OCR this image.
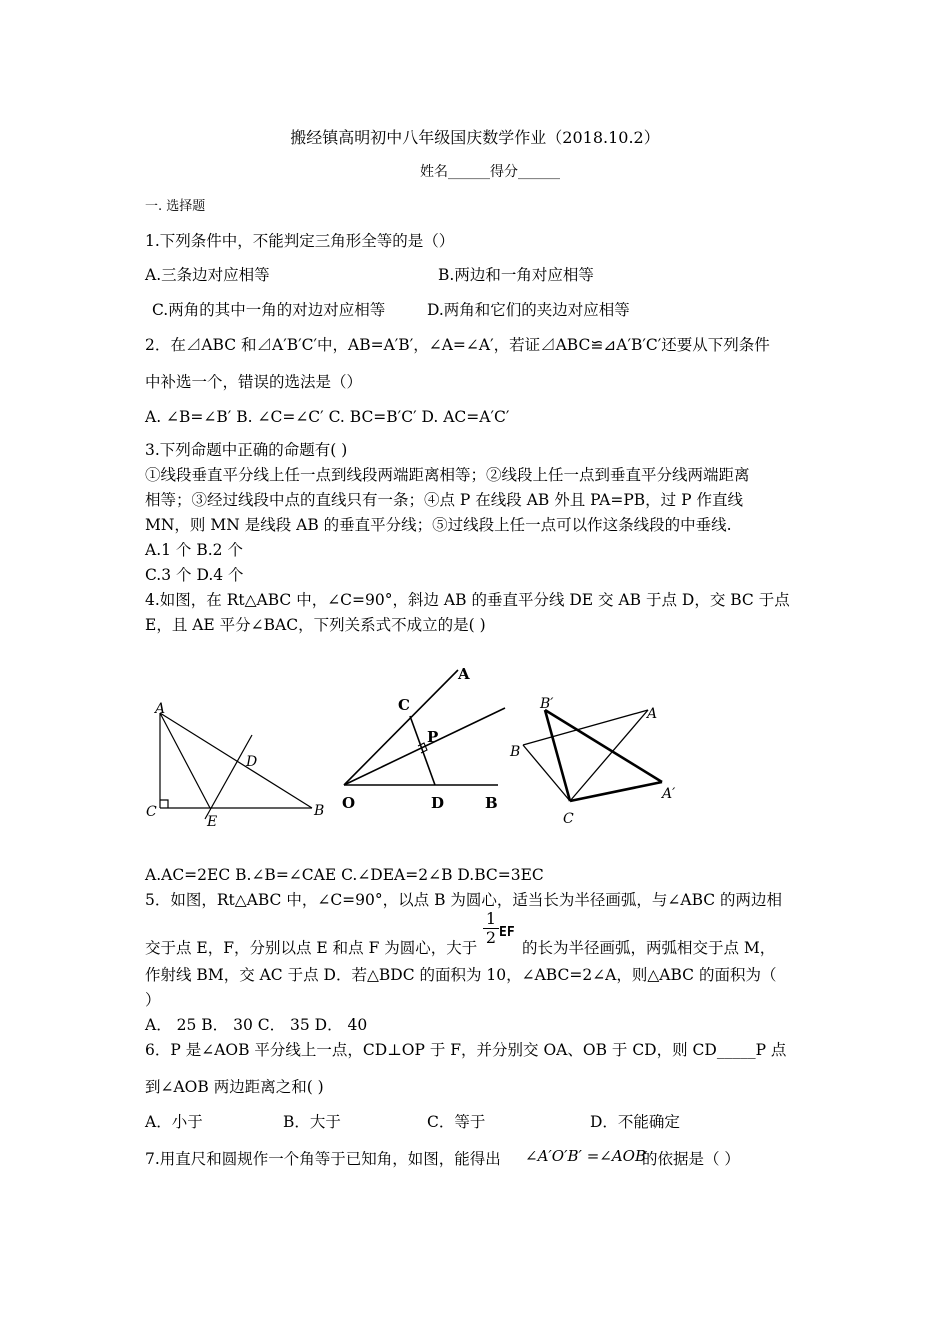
搬经镇高明初中八年级国庆数学作业（2018.10.2）
姓名______得分______
一. 选择题
1.下列条件中，不能判定三角形全等的是（）
A.三条边对应相等	B.两边和一角对应相等
C.两角的其中一角的对边对应相等	D.两角和它们的夹边对应相等
2．在⊿ABC 和⊿A′B′C′中，AB=A′B′，∠A=∠A′，若证⊿ABC≌⊿A′B′C′还要从下列条件
中补选一个，错误的选法是（）
A. ∠B=∠B′ B. ∠C=∠C′ C. BC=B′C′ D. AC=A′C′
3.下列命题中正确的命题有( )
①线段垂直平分线上任一点到线段两端距离相等；②线段上任一点到垂直平分线两端距离
相等；③经过线段中点的直线只有一条；④点 P 在线段 AB 外且 PA=PB，过 P 作直线
MN，则 MN 是线段 AB 的垂直平分线；⑤过线段上任一点可以作这条线段的中垂线.
A.1 个 B.2 个
C.3 个 D.4 个
4.如图，在 Rt△ABC 中，∠C=90°，斜边 AB 的垂直平分线 DE 交 AB 于点 D，交 BC 于点
E，且 AE 平分∠BAC，下列关系式不成立的是( )
A
B
C
D
E
A
B
C
D
O
P
A
A′
B
B′
C
A.AC=2EC B.∠B=∠CAE C.∠DEA=2∠B D.BC=3EC
5．如图，Rt△ABC 中，∠C=90°，以点 B 为圆心，适当长为半径画弧，与∠ABC 的两边相
交于点 E，F，分别以点 E 和点 F 为圆心，大于
$\frac{1}{2}$ EF
的长为半径画弧，两弧相交于点 M，
作射线 BM，交 AC 于点 D．若△BDC 的面积为 10，∠ABC=2∠A，则△ABC 的面积为（
）
A． 25 B． 30 C． 35 D． 40
6．P 是∠AOB 平分线上一点，CD⊥OP 于 F，并分别交 OA、OB 于 CD，则 CD_____P 点
到∠AOB 两边距离之和( )
A．小于	B．大于	C．等于	D．不能确定
7.用直尺和圆规作一个角等于已知角，如图，能得出 ∠A′O′B′ =∠AOB
的依据是（ ）
